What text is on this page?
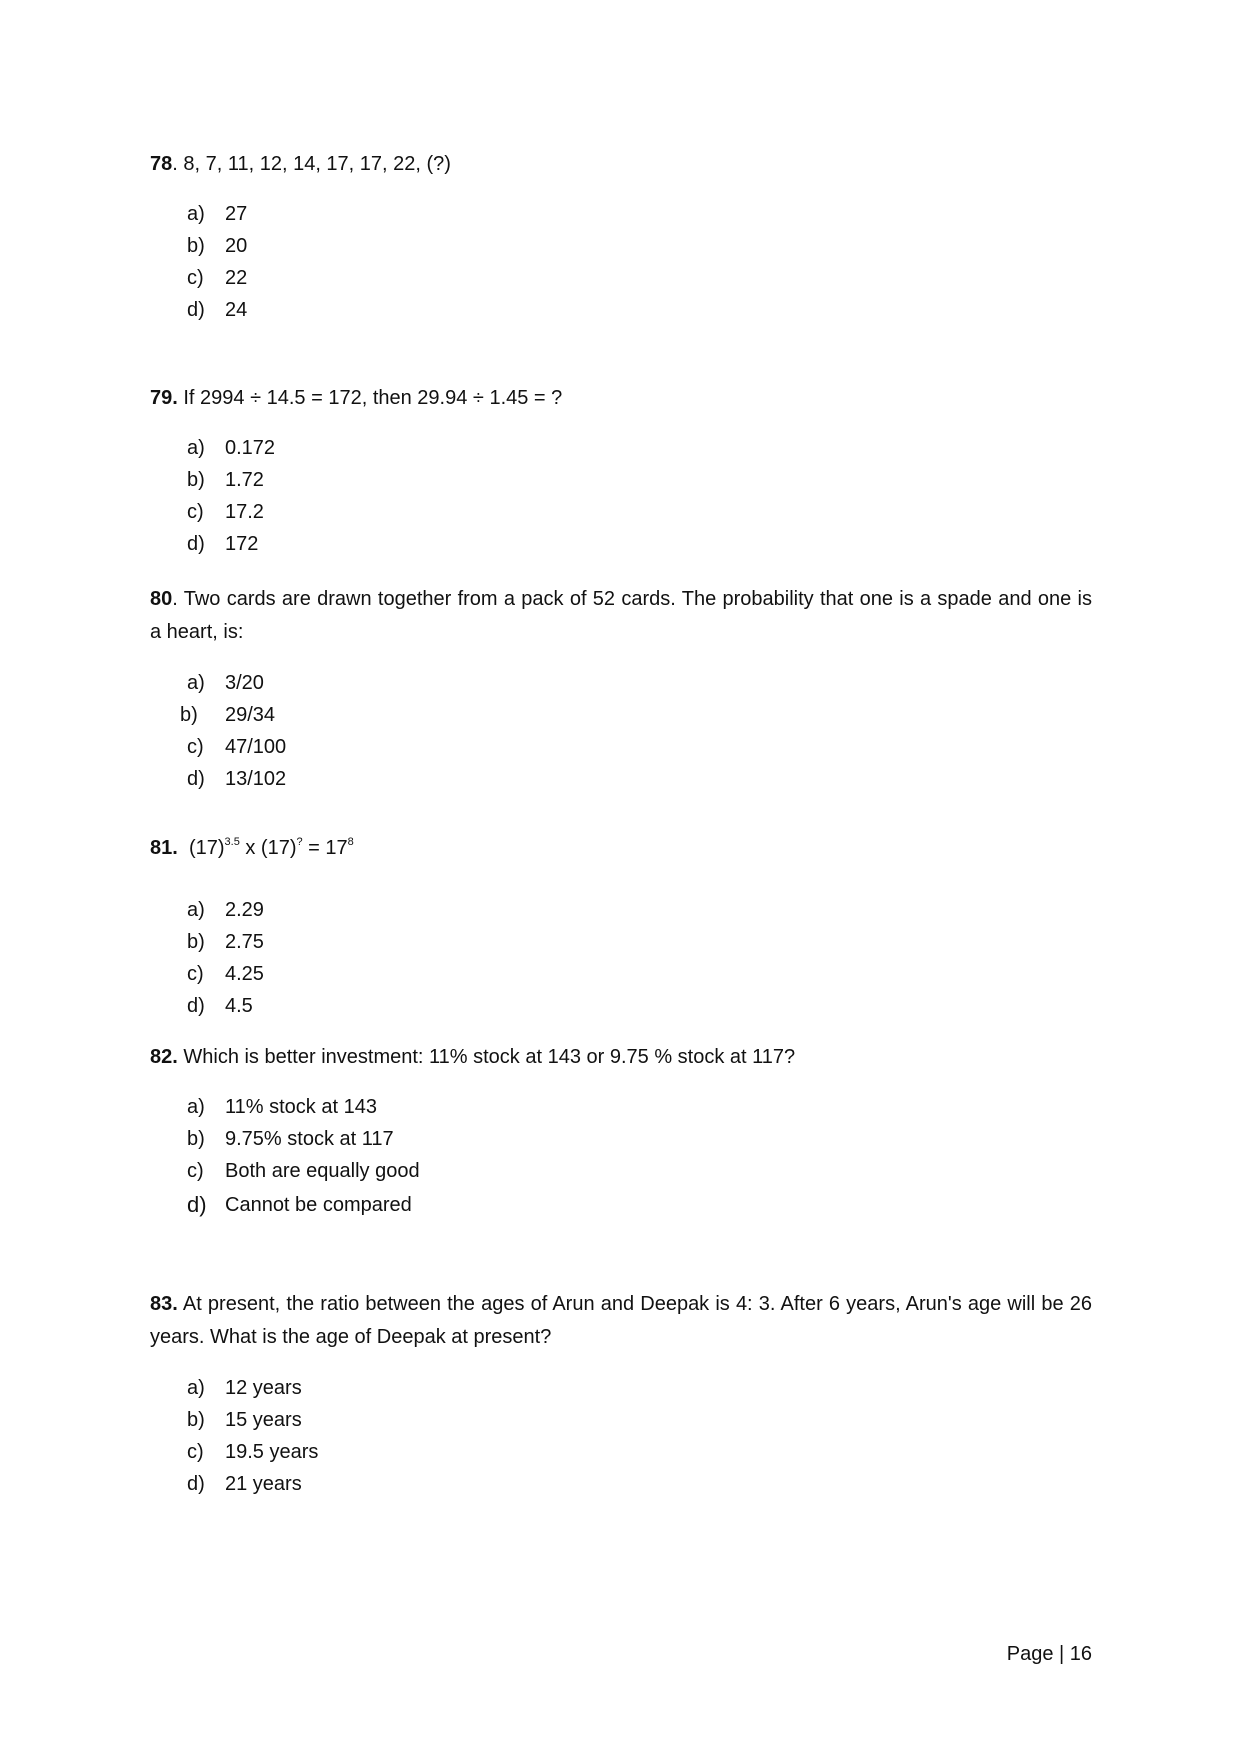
78. 8, 7, 11, 12, 14, 17, 17, 22, (?)

a)	27
b)	20
c)	22
d)	24

79. If 2994 ÷ 14.5 = 172, then 29.94 ÷ 1.45 = ?

a)	0.172
b)	1.72
c)	17.2
d)	172

80. Two cards are drawn together from a pack of 52 cards. The probability that one is a spade and one is a heart, is:

a)	3/20
b)	29/34
c)	47/100
d)	13/102

81. $(17)^{3.5}$ x $(17)^? = 17^8$

a)	2.29
b)	2.75
c)	4.25
d)	4.5

82. Which is better investment: 11% stock at 143 or 9.75 % stock at 117?

a)	11% stock at 143
b)	9.75% stock at 117
c)	Both are equally good
d) Cannot be compared

83. At present, the ratio between the ages of Arun and Deepak is 4: 3. After 6 years, Arun's age will be 26 years. What is the age of Deepak at present?

a)	12 years
b)	15 years
c)	19.5 years
d)	21 years
Page | 16
